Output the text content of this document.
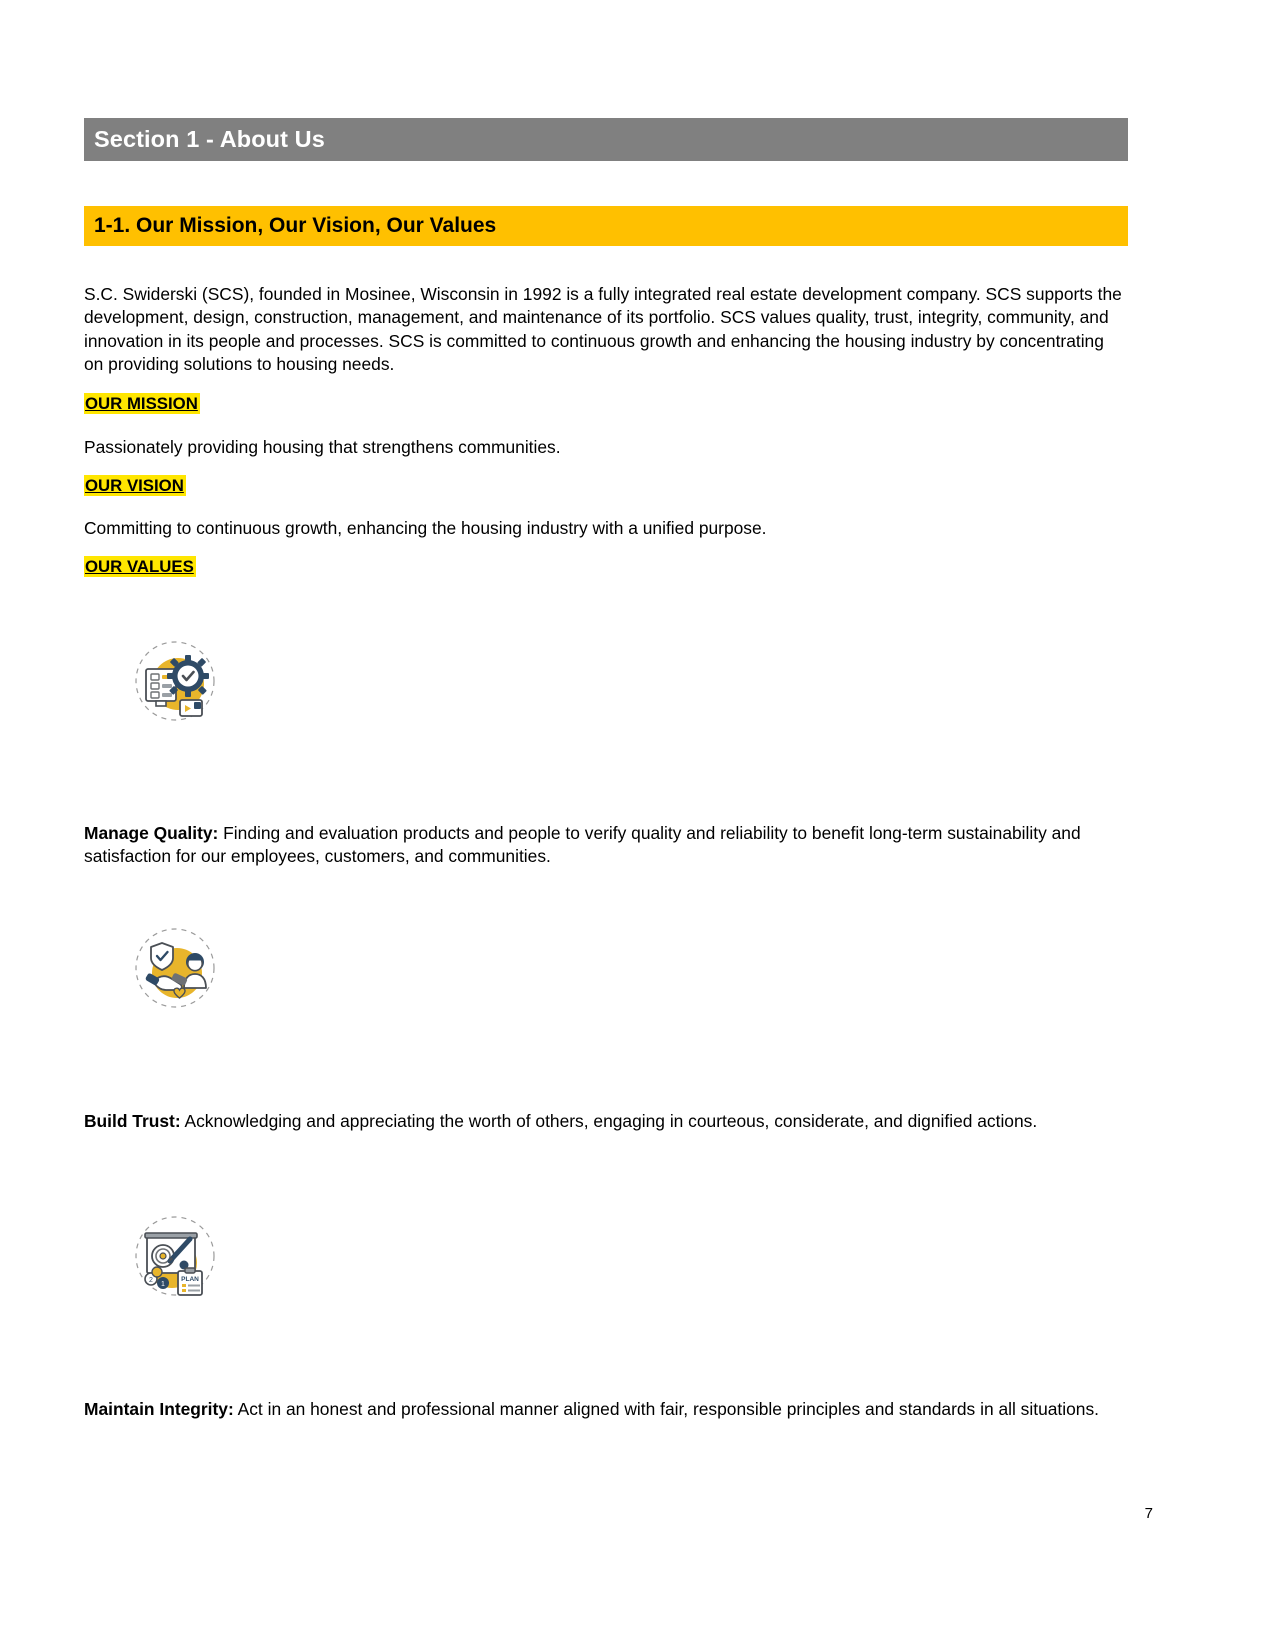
Section 1 - About Us
1-1. Our Mission, Our Vision, Our Values
S.C. Swiderski (SCS), founded in Mosinee, Wisconsin in 1992 is a fully integrated real estate development company. SCS supports the development, design, construction, management, and maintenance of its portfolio. SCS values quality, trust, integrity, community, and innovation in its people and processes. SCS is committed to continuous growth and enhancing the housing industry by concentrating on providing solutions to housing needs.
OUR MISSION
Passionately providing housing that strengthens communities.
OUR VISION
Committing to continuous growth, enhancing the housing industry with a unified purpose.
OUR VALUES
Manage Quality: Finding and evaluation products and people to verify quality and reliability to benefit long-term sustainability and satisfaction for our employees, customers, and communities.
Build Trust: Acknowledging and appreciating the worth of others, engaging in courteous, considerate, and dignified actions.
2
1
PLAN
Maintain Integrity: Act in an honest and professional manner aligned with fair, responsible principles and standards in all situations.
7
